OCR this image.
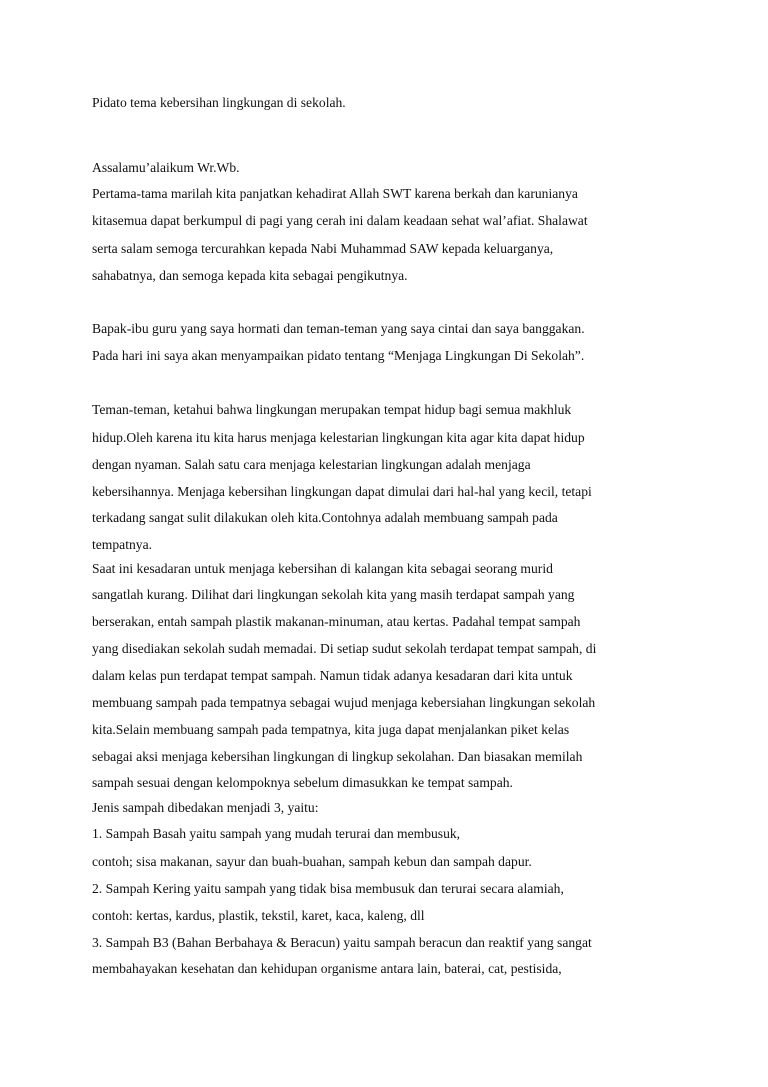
Pidato tema kebersihan lingkungan di sekolah.
Assalamu’alaikum Wr.Wb.
Pertama-tama marilah kita panjatkan kehadirat Allah SWT karena berkah dan karunianya
kitasemua dapat berkumpul di pagi yang cerah ini dalam keadaan sehat wal’afiat. Shalawat
serta salam semoga tercurahkan kepada Nabi Muhammad SAW kepada keluarganya,
sahabatnya, dan semoga kepada kita sebagai pengikutnya.
Bapak-ibu guru yang saya hormati dan teman-teman yang saya cintai dan saya banggakan.
Pada hari ini saya akan menyampaikan pidato tentang “Menjaga Lingkungan Di Sekolah”.
Teman-teman, ketahui bahwa lingkungan merupakan tempat hidup bagi semua makhluk
hidup.Oleh karena itu kita harus menjaga kelestarian lingkungan kita agar kita dapat hidup
dengan nyaman. Salah satu cara menjaga kelestarian lingkungan adalah menjaga
kebersihannya. Menjaga kebersihan lingkungan dapat dimulai dari hal-hal yang kecil, tetapi
terkadang sangat sulit dilakukan oleh kita.Contohnya adalah membuang sampah pada
tempatnya.
Saat ini kesadaran untuk menjaga kebersihan di kalangan kita sebagai seorang murid
sangatlah kurang. Dilihat dari lingkungan sekolah kita yang masih terdapat sampah yang
berserakan, entah sampah plastik makanan-minuman, atau kertas. Padahal tempat sampah
yang disediakan sekolah sudah memadai. Di setiap sudut sekolah terdapat tempat sampah, di
dalam kelas pun terdapat tempat sampah. Namun tidak adanya kesadaran dari kita untuk
membuang sampah pada tempatnya sebagai wujud menjaga kebersiahan lingkungan sekolah
kita.Selain membuang sampah pada tempatnya, kita juga dapat menjalankan piket kelas
sebagai aksi menjaga kebersihan lingkungan di lingkup sekolahan. Dan biasakan memilah
sampah sesuai dengan kelompoknya sebelum dimasukkan ke tempat sampah.
Jenis sampah dibedakan menjadi 3, yaitu:
1. Sampah Basah yaitu sampah yang mudah terurai dan membusuk,
contoh; sisa makanan, sayur dan buah-buahan, sampah kebun dan sampah dapur.
2. Sampah Kering yaitu sampah yang tidak bisa membusuk dan terurai secara alamiah,
contoh: kertas, kardus, plastik, tekstil, karet, kaca, kaleng, dll
3. Sampah B3 (Bahan Berbahaya & Beracun) yaitu sampah beracun dan reaktif yang sangat
membahayakan kesehatan dan kehidupan organisme antara lain, baterai, cat, pestisida,
